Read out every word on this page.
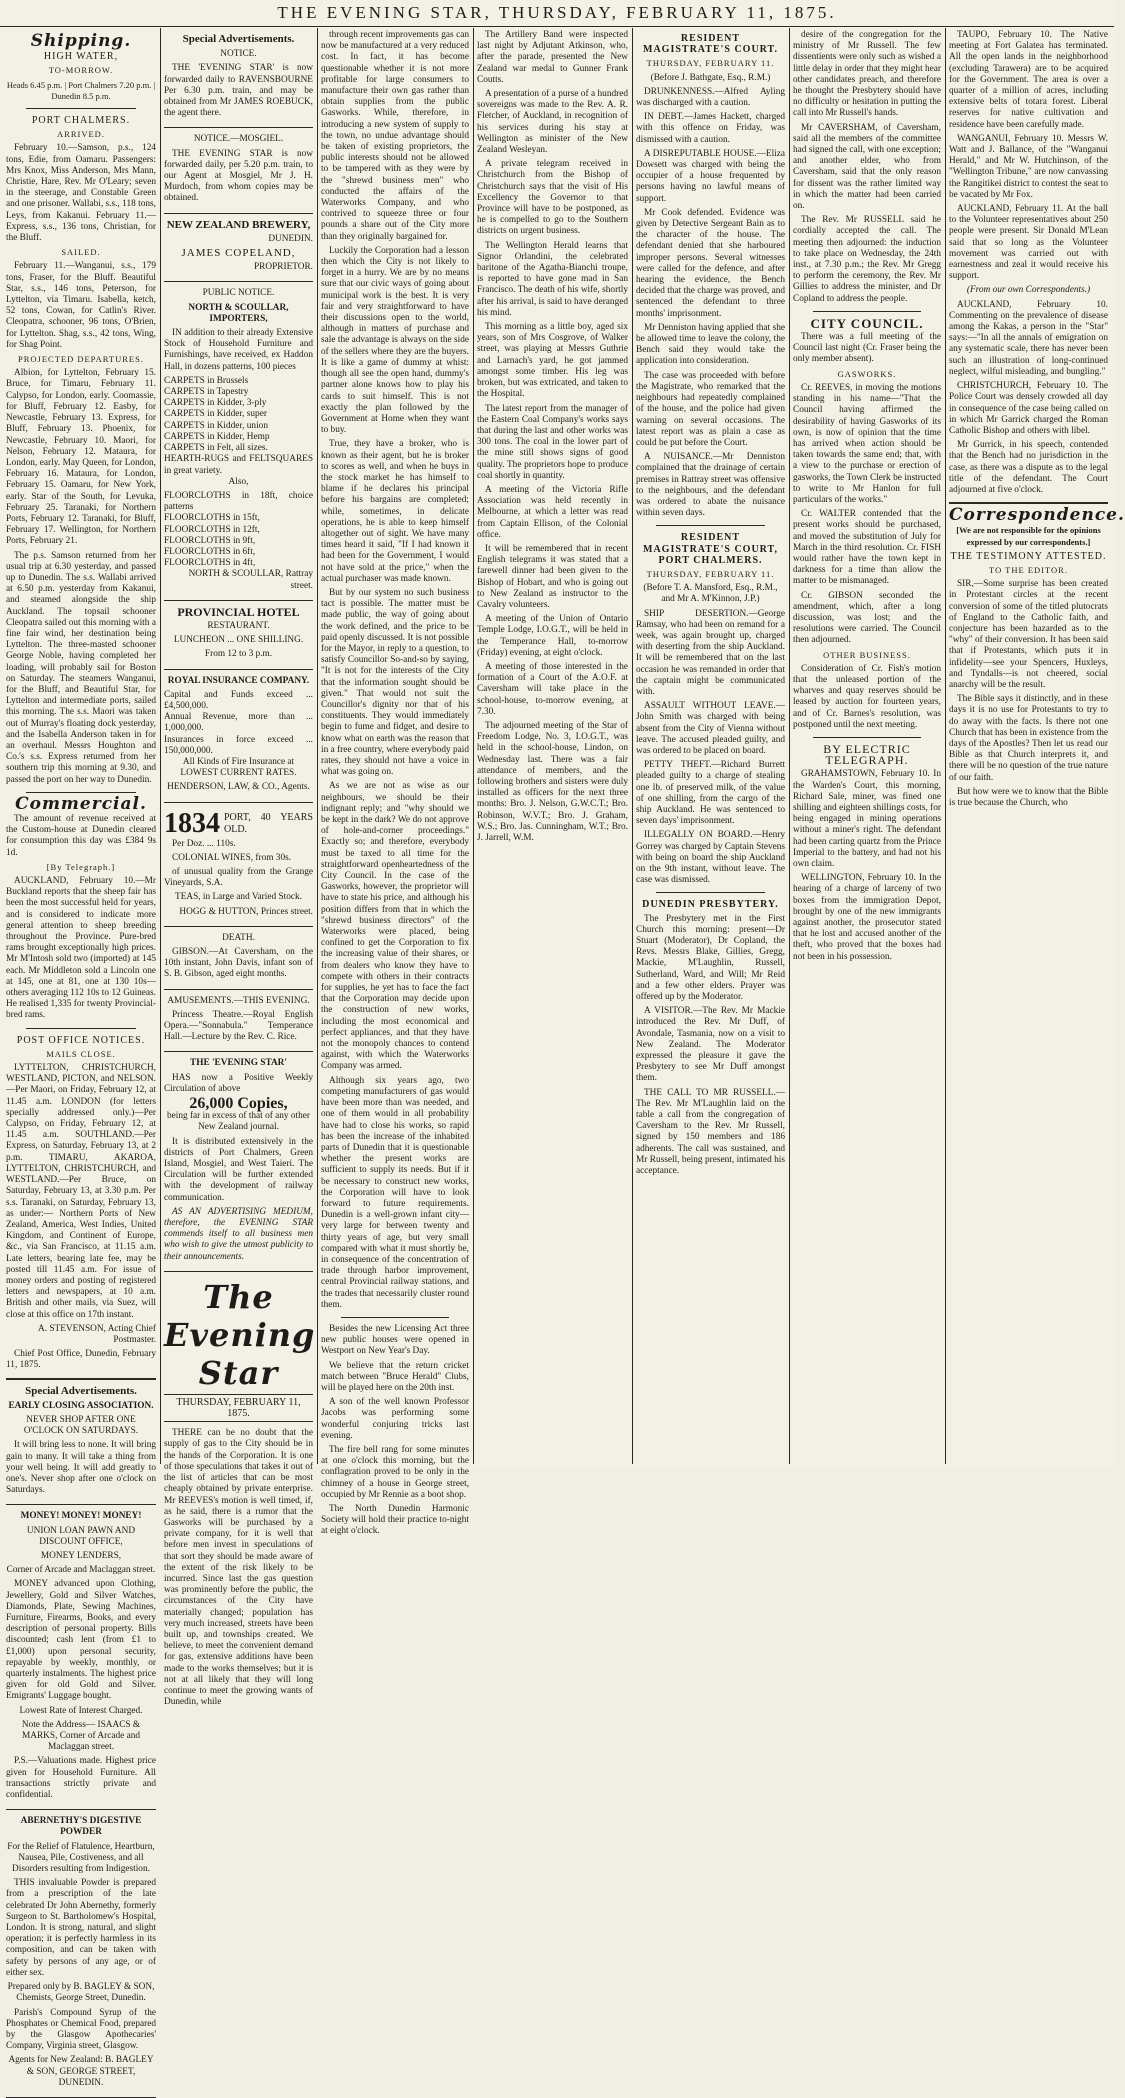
THE EVENING STAR, THURSDAY, FEBRUARY 11, 1875.
Shipping.
HIGH WATER,
TO-MORROW.

Heads 6.45 p.m. | Port Chalmers 7.20 p.m. | Dunedin 8.5 p.m.

PORT CHALMERS.
ARRIVED.

February 10.—Samson, p.s., 124 tons, Edie, from Oamaru. Passengers: Mrs Knox, Miss Anderson, Mrs Mann, Christie, Hare, Rev. Mr O'Leary; seven in the steerage, and Constable Green and one prisoner. Wallabi, s.s., 118 tons, Leys, from Kakanui. February 11.—Express, s.s., 136 tons, Christian, for the Bluff.

SAILED.

February 11.—Wanganui, s.s., 179 tons, Fraser, for the Bluff. Beautiful Star, s.s., 146 tons, Peterson, for Lyttelton, via Timaru. Isabella, ketch, 52 tons, Cowan, for Catlin's River. Cleopatra, schooner, 96 tons, O'Brien, for Lyttelton. Shag, s.s., 42 tons, Wing, for Shag Point.

PROJECTED DEPARTURES.

Albion, for Lyttelton, February 15. Bruce, for Timaru, February 11. Calypso, for London, early. Coomassie, for Bluff, February 12. Easby, for Newcastle, February 13. Express, for Bluff, February 13. Phoenix, for Newcastle, February 10. Maori, for Nelson, February 12. Mataura, for London, early. May Queen, for London, February 16. Mataura, for London, February 15. Oamaru, for New York, early. Star of the South, for Levuka, February 25. Taranaki, for Northern Ports, February 12. Taranaki, for Bluff, February 17. Wellington, for Northern Ports, February 21.

The p.s. Samson returned from her usual trip at 6.30 yesterday, and passed up to Dunedin. The s.s. Wallabi arrived at 6.50 p.m. yesterday from Kakanui, and steamed alongside the ship Auckland. The topsail schooner Cleopatra sailed out this morning with a fine fair wind, her destination being Lyttelton. The three-masted schooner George Noble, having completed her loading, will probably sail for Boston on Saturday. The steamers Wanganui, for the Bluff, and Beautiful Star, for Lyttelton and intermediate ports, sailed this morning. The s.s. Maori was taken out of Murray's floating dock yesterday, and the Isabella Anderson taken in for an overhaul. Messrs Houghton and Co.'s s.s. Express returned from her southern trip this morning at 9.30, and passed the port on her way to Dunedin.

Commercial.

The amount of revenue received at the Custom-house at Dunedin cleared for consumption this day was £384 9s 1d.

[By Telegraph.]

AUCKLAND, February 10.—Mr Buckland reports that the sheep fair has been the most successful held for years, and is considered to indicate more general attention to sheep breeding throughout the Province. Pure-bred rams brought exceptionally high prices. Mr M'Intosh sold two (imported) at 145 each. Mr Middleton sold a Lincoln one at 145, one at 81, one at 130 10s—others averaging 112 10s to 12 Guineas. He realised 1,335 for twenty Provincial-bred rams.

POST OFFICE NOTICES.
MAILS CLOSE.

LYTTELTON, CHRISTCHURCH, WESTLAND, PICTON, and NELSON.—Per Maori, on Friday, February 12, at 11.45 a.m. LONDON (for letters specially addressed only.)—Per Calypso, on Friday, February 12, at 11.45 a.m. SOUTHLAND.—Per Express, on Saturday, February 13, at 2 p.m. TIMARU, AKAROA, LYTTELTON, CHRISTCHURCH, and WESTLAND.—Per Bruce, on Saturday, February 13, at 3.30 p.m. Per s.s. Taranaki, on Saturday, February 13, as under:— Northern Ports of New Zealand, America, West Indies, United Kingdom, and Continent of Europe, &c., via San Francisco, at 11.15 a.m. Late letters, bearing late fee, may be posted till 11.45 a.m. For issue of money orders and posting of registered letters and newspapers, at 10 a.m. British and other mails, via Suez, will close at this office on 17th instant.

A. STEVENSON, Acting Chief Postmaster.

Chief Post Office, Dunedin, February 11, 1875.

Special Advertisements.

EARLY CLOSING ASSOCIATION.

NEVER SHOP AFTER ONE O'CLOCK ON SATURDAYS.

It will bring less to none. It will bring gain to many. It will take a thing from your well being. It will add greatly to one's. Never shop after one o'clock on Saturdays.

MONEY! MONEY! MONEY!

UNION LOAN PAWN AND DISCOUNT OFFICE,

MONEY LENDERS,

Corner of Arcade and Maclaggan street.

MONEY advanced upon Clothing, Jewellery, Gold and Silver Watches, Diamonds, Plate, Sewing Machines, Furniture, Firearms, Books, and every description of personal property. Bills discounted; cash lent (from £1 to £1,000) upon personal security, repayable by weekly, monthly, or quarterly instalments. The highest price given for old Gold and Silver. Emigrants' Luggage bought.

Lowest Rate of Interest Charged.

Note the Address— ISAACS & MARKS, Corner of Arcade and Maclaggan street.

P.S.—Valuations made. Highest price given for Household Furniture. All transactions strictly private and confidential.

ABERNETHY'S DIGESTIVE POWDER

For the Relief of Flatulence, Heartburn, Nausea, Pile, Costiveness, and all Disorders resulting from Indigestion.

THIS invaluable Powder is prepared from a prescription of the late celebrated Dr John Abernethy, formerly Surgeon to St. Bartholomew's Hospital, London. It is strong, natural, and slight operation; it is perfectly harmless in its composition, and can be taken with safety by persons of any age, or of either sex.

Prepared only by B. BAGLEY & SON, Chemists, George Street, Dunedin.

Parish's Compound Syrup of the Phosphates or Chemical Food, prepared by the Glasgow Apothecaries' Company, Virginia street, Glasgow.

Agents for New Zealand: B. BAGLEY & SON, GEORGE STREET, DUNEDIN.

Special Advertisements.

NOTICE.

THE 'EVENING STAR' is now forwarded daily to RAVENSBOURNE Per 6.30 p.m. train, and may be obtained from Mr JAMES ROEBUCK, the agent there.

NOTICE.—MOSGIEL.

THE EVENING STAR is now forwarded daily, per 5.20 p.m. train, to our Agent at Mosgiel, Mr J. H. Murdoch, from whom copies may be obtained.

NEW ZEALAND BREWERY,

DUNEDIN.

JAMES COPELAND,

PROPRIETOR.

PUBLIC NOTICE.

NORTH & SCOULLAR, IMPORTERS,

IN addition to their already Extensive Stock of Household Furniture and Furnishings, have received, ex Haddon Hall, in dozens patterns, 100 pieces

CARPETS in Brussels

CARPETS in Tapestry

CARPETS in Kidder, 3-ply

CARPETS in Kidder, super

CARPETS in Kidder, union

CARPETS in Kidder, Hemp

CARPETS in Felt, all sizes.

HEARTH-RUGS and FELTSQUARES in great variety.

Also,

FLOORCLOTHS in 18ft, choice patterns

FLOORCLOTHS in 15ft,

FLOORCLOTHS in 12ft,

FLOORCLOTHS in 9ft,

FLOORCLOTHS in 6ft,

FLOORCLOTHS in 4ft,

NORTH & SCOULLAR, Rattray street.

PROVINCIAL HOTEL

RESTAURANT.

LUNCHEON ... ONE SHILLING.

From 12 to 3 p.m.

ROYAL INSURANCE COMPANY.

Capital and Funds exceed ... £4,500,000.

Annual Revenue, more than ... 1,000,000.

Insurances in force exceed ... 150,000,000.

All Kinds of Fire Insurance at LOWEST CURRENT RATES.

HENDERSON, LAW, & CO., Agents.

1834 PORT, 40 YEARS OLD.

Per Doz. ... 110s.

COLONIAL WINES, from 30s.

of unusual quality from the Grange Vineyards, S.A.

TEAS, in Large and Varied Stock.

HOGG & HUTTON, Princes street.

DEATH.

GIBSON.—At Caversham, on the 10th instant, John Davis, infant son of S. B. Gibson, aged eight months.

AMUSEMENTS.—THIS EVENING.

Princess Theatre.—Royal English Opera.—"Sonnabula." Temperance Hall.—Lecture by the Rev. C. Rice.

THE 'EVENING STAR'

HAS now a Positive Weekly Circulation of above

26,000 Copies,

being far in excess of that of any other New Zealand journal.

It is distributed extensively in the districts of Port Chalmers, Green Island, Mosgiel, and West Taieri. The Circulation will be further extended with the development of railway communication.

AS AN ADVERTISING MEDIUM, therefore, the EVENING STAR commends itself to all business men who wish to give the utmost publicity to their announcements.

The Evening Star
THURSDAY, FEBRUARY 11, 1875.

THERE can be no doubt that the supply of gas to the City should be in the hands of the Corporation. It is one of those speculations that takes it out of the list of articles that can be most cheaply obtained by private enterprise. Mr REEVES's motion is well timed, if, as he said, there is a rumor that the Gasworks will be purchased by a private company, for it is well that before men invest in speculations of that sort they should be made aware of the extent of the risk likely to be incurred. Since last the gas question was prominently before the public, the circumstances of the City have materially changed; population has very much increased, streets have been built up, and townships created. We believe, to meet the convenient demand for gas, extensive additions have been made to the works themselves; but it is not at all likely that they will long continue to meet the growing wants of Dunedin, while

through recent improvements gas can now be manufactured at a very reduced cost. In fact, it has become questionable whether it is not more profitable for large consumers to manufacture their own gas rather than obtain supplies from the public Gasworks. While, therefore, in introducing a new system of supply to the town, no undue advantage should be taken of existing proprietors, the public interests should not be allowed to be tampered with as they were by the "shrewd business men" who conducted the affairs of the Waterworks Company, and who contrived to squeeze three or four pounds a share out of the City more than they originally bargained for.

Luckily the Corporation had a lesson then which the City is not likely to forget in a hurry. We are by no means sure that our civic ways of going about municipal work is the best. It is very fair and very straightforward to have their discussions open to the world, although in matters of purchase and sale the advantage is always on the side of the sellers where they are the buyers. It is like a game of dummy at whist: though all see the open hand, dummy's partner alone knows how to play his cards to suit himself. This is not exactly the plan followed by the Government at Home when they want to buy.

True, they have a broker, who is known as their agent, but he is broker to scores as well, and when he buys in the stock market he has himself to blame if he declares his principal before his bargains are completed; while, sometimes, in delicate operations, he is able to keep himself altogether out of sight. We have many times heard it said, "If I had known it had been for the Government, I would not have sold at the price," when the actual purchaser was made known.

But by our system no such business tact is possible. The matter must be made public, the way of going about the work defined, and the price to be paid openly discussed. It is not possible for the Mayor, in reply to a question, to satisfy Councillor So-and-so by saying, "It is not for the interests of the City that the information sought should be given." That would not suit the Councillor's dignity nor that of his constituents. They would immediately begin to fume and fidget, and desire to know what on earth was the reason that in a free country, where everybody paid rates, they should not have a voice in what was going on.

As we are not as wise as our neighbours, we should be their indignant reply; and "why should we be kept in the dark? We do not approve of hole-and-corner proceedings." Exactly so; and therefore, everybody must be taxed to all time for the straightforward openheartedness of the City Council. In the case of the Gasworks, however, the proprietor will have to state his price, and although his position differs from that in which the "shrewd business directors" of the Waterworks were placed, being confined to get the Corporation to fix the increasing value of their shares, or from dealers who know they have to compete with others in their contracts for supplies, he yet has to face the fact that the Corporation may decide upon the construction of new works, including the most economical and perfect appliances, and that they have not the monopoly chances to contend against, with which the Waterworks Company was armed.

Although six years ago, two competing manufacturers of gas would have been more than was needed, and one of them would in all probability have had to close his works, so rapid has been the increase of the inhabited parts of Dunedin that it is questionable whether the present works are sufficient to supply its needs. But if it be necessary to construct new works, the Corporation will have to look forward to future requirements. Dunedin is a well-grown infant city—very large for between twenty and thirty years of age, but very small compared with what it must shortly be, in consequence of the concentration of trade through harbor improvement, central Provincial railway stations, and the trades that necessarily cluster round them.

Besides the new Licensing Act three new public houses were opened in Westport on New Year's Day.

We believe that the return cricket match between "Bruce Herald" Clubs, will be played here on the 20th inst.

A son of the well known Professor Jacobs was performing some wonderful conjuring tricks last evening.

The fire bell rang for some minutes at one o'clock this morning, but the conflagration proved to be only in the chimney of a house in George street, occupied by Mr Rennie as a boot shop.

The North Dunedin Harmonic Society will hold their practice to-night at eight o'clock.

The Artillery Band were inspected last night by Adjutant Atkinson, who, after the parade, presented the New Zealand war medal to Gunner Frank Coutts.

A presentation of a purse of a hundred sovereigns was made to the Rev. A. R. Fletcher, of Auckland, in recognition of his services during his stay at Wellington as minister of the New Zealand Wesleyan.

A private telegram received in Christchurch from the Bishop of Christchurch says that the visit of His Excellency the Governor to that Province will have to be postponed, as he is compelled to go to the Southern districts on urgent business.

The Wellington Herald learns that Signor Orlandini, the celebrated baritone of the Agatha-Bianchi troupe, is reported to have gone mad in San Francisco. The death of his wife, shortly after his arrival, is said to have deranged his mind.

This morning as a little boy, aged six years, son of Mrs Cosgrove, of Walker street, was playing at Messrs Guthrie and Larnach's yard, he got jammed amongst some timber. His leg was broken, but was extricated, and taken to the Hospital.

The latest report from the manager of the Eastern Coal Company's works says that during the last and other works was 300 tons. The coal in the lower part of the mine still shows signs of good quality. The proprietors hope to produce coal shortly in quantity.

A meeting of the Victoria Rifle Association was held recently in Melbourne, at which a letter was read from Captain Ellison, of the Colonial office.

It will be remembered that in recent English telegrams it was stated that a farewell dinner had been given to the Bishop of Hobart, and who is going out to New Zealand as instructor to the Cavalry volunteers.

A meeting of the Union of Ontario Temple Lodge, I.O.G.T., will be held in the Temperance Hall, to-morrow (Friday) evening, at eight o'clock.

A meeting of those interested in the formation of a Court of the A.O.F. at Caversham will take place in the school-house, to-morrow evening, at 7.30.

The adjourned meeting of the Star of Freedom Lodge, No. 3, I.O.G.T., was held in the school-house, Lindon, on Wednesday last. There was a fair attendance of members, and the following brothers and sisters were duly installed as officers for the next three months: Bro. J. Nelson, G.W.C.T.; Bro. Robinson, W.V.T.; Bro. J. Graham, W.S.; Bro. Jas. Cunningham, W.T.; Bro. J. Jarrell, W.M.

RESIDENT MAGISTRATE'S COURT.
THURSDAY, FEBRUARY 11.

(Before J. Bathgate, Esq., R.M.)

DRUNKENNESS.—Alfred Ayling was discharged with a caution.

IN DEBT.—James Hackett, charged with this offence on Friday, was dismissed with a caution.

A DISREPUTABLE HOUSE.—Eliza Dowsett was charged with being the occupier of a house frequented by persons having no lawful means of support.

Mr Cook defended. Evidence was given by Detective Sergeant Bain as to the character of the house. The defendant denied that she harboured improper persons. Several witnesses were called for the defence, and after hearing the evidence, the Bench decided that the charge was proved, and sentenced the defendant to three months' imprisonment.

Mr Denniston having applied that she be allowed time to leave the colony, the Bench said they would take the application into consideration.

The case was proceeded with before the Magistrate, who remarked that the neighbours had repeatedly complained of the house, and the police had given warning on several occasions. The latest report was as plain a case as could be put before the Court.

A NUISANCE.—Mr Denniston complained that the drainage of certain premises in Rattray street was offensive to the neighbours, and the defendant was ordered to abate the nuisance within seven days.

RESIDENT MAGISTRATE'S COURT, PORT CHALMERS.
THURSDAY, FEBRUARY 11.

(Before T. A. Mansford, Esq., R.M., and Mr A. M'Kinnon, J.P.)

SHIP DESERTION.—George Ramsay, who had been on remand for a week, was again brought up, charged with deserting from the ship Auckland. It will be remembered that on the last occasion he was remanded in order that the captain might be communicated with.

ASSAULT WITHOUT LEAVE.—John Smith was charged with being absent from the City of Vienna without leave. The accused pleaded guilty, and was ordered to be placed on board.

PETTY THEFT.—Richard Burrett pleaded guilty to a charge of stealing one lb. of preserved milk, of the value of one shilling, from the cargo of the ship Auckland. He was sentenced to seven days' imprisonment.

ILLEGALLY ON BOARD.—Henry Gorrey was charged by Captain Stevens with being on board the ship Auckland on the 9th instant, without leave. The case was dismissed.

DUNEDIN PRESBYTERY.

The Presbytery met in the First Church this morning: present—Dr Stuart (Moderator), Dr Copland, the Revs. Messrs Blake, Gillies, Gregg, Mackie, M'Laughlin, Russell, Sutherland, Ward, and Will; Mr Reid and a few other elders. Prayer was offered up by the Moderator.

A VISITOR.—The Rev. Mr Mackie introduced the Rev. Mr Duff, of Avondale, Tasmania, now on a visit to New Zealand. The Moderator expressed the pleasure it gave the Presbytery to see Mr Duff amongst them.

THE CALL TO MR RUSSELL.—The Rev. Mr M'Laughlin laid on the table a call from the congregation of Caversham to the Rev. Mr Russell, signed by 150 members and 186 adherents. The call was sustained, and Mr Russell, being present, intimated his acceptance.

desire of the congregation for the ministry of Mr Russell. The few dissentients were only such as wished a little delay in order that they might hear other candidates preach, and therefore he thought the Presbytery should have no difficulty or hesitation in putting the call into Mr Russell's hands.

Mr CAVERSHAM, of Caversham, said all the members of the committee had signed the call, with one exception; and another elder, who from Caversham, said that the only reason for dissent was the rather limited way in which the matter had been carried on.

The Rev. Mr RUSSELL said he cordially accepted the call. The meeting then adjourned: the induction to take place on Wednesday, the 24th inst., at 7.30 p.m.; the Rev. Mr Gregg to perform the ceremony, the Rev. Mr Gillies to address the minister, and Dr Copland to address the people.

CITY COUNCIL.

There was a full meeting of the Council last night (Cr. Fraser being the only member absent).

GASWORKS.

Cr. REEVES, in moving the motions standing in his name—"That the Council having affirmed the desirability of having Gasworks of its own, is now of opinion that the time has arrived when action should be taken towards the same end; that, with a view to the purchase or erection of gasworks, the Town Clerk be instructed to write to Mr Hanlon for full particulars of the works."

Cr. WALTER contended that the present works should be purchased, and moved the substitution of July for March in the third resolution. Cr. FISH would rather have the town kept in darkness for a time than allow the matter to be mismanaged.

Cr. GIBSON seconded the amendment, which, after a long discussion, was lost; and the resolutions were carried. The Council then adjourned.

OTHER BUSINESS.

Consideration of Cr. Fish's motion that the unleased portion of the wharves and quay reserves should be leased by auction for fourteen years, and of Cr. Barnes's resolution, was postponed until the next meeting.

BY ELECTRIC TELEGRAPH.

GRAHAMSTOWN, February 10. In the Warden's Court, this morning, Richard Sale, miner, was fined one shilling and eighteen shillings costs, for being engaged in mining operations without a miner's right. The defendant had been carting quartz from the Prince Imperial to the battery, and had not his own claim.

WELLINGTON, February 10. In the hearing of a charge of larceny of two boxes from the immigration Depot, brought by one of the new immigrants against another, the prosecutor stated that he lost and accused another of the theft, who proved that the boxes had not been in his possession.

TAUPO, February 10. The Native meeting at Fort Galatea has terminated. All the open lands in the neighborhood (excluding Tarawera) are to be acquired for the Government. The area is over a quarter of a million of acres, including extensive belts of totara forest. Liberal reserves for native cultivation and residence have been carefully made.

WANGANUI, February 10. Messrs W. Watt and J. Ballance, of the "Wanganui Herald," and Mr W. Hutchinson, of the "Wellington Tribune," are now canvassing the Rangitikei district to contest the seat to be vacated by Mr Fox.

AUCKLAND, February 11. At the ball to the Volunteer representatives about 250 people were present. Sir Donald M'Lean said that so long as the Volunteer movement was carried out with earnestness and zeal it would receive his support.

(From our own Correspondents.)

AUCKLAND, February 10. Commenting on the prevalence of disease among the Kakas, a person in the "Star" says:—"In all the annals of emigration on any systematic scale, there has never been such an illustration of long-continued neglect, wilful misleading, and bungling."

CHRISTCHURCH, February 10. The Police Court was densely crowded all day in consequence of the case being called on in which Mr Garrick charged the Roman Catholic Bishop and others with libel.

Mr Gurrick, in his speech, contended that the Bench had no jurisdiction in the case, as there was a dispute as to the legal title of the defendant. The Court adjourned at five o'clock.

Correspondence.

[We are not responsible for the opinions expressed by our correspondents.]

THE TESTIMONY ATTESTED.
TO THE EDITOR.

SIR,—Some surprise has been created in Protestant circles at the recent conversion of some of the titled plutocrats of England to the Catholic faith, and conjecture has been hazarded as to the "why" of their conversion. It has been said that if Protestants, which puts it in infidelity—see your Spencers, Huxleys, and Tyndalls—is not cheered, social anarchy will be the result.

The Bible says it distinctly, and in these days it is no use for Protestants to try to do away with the facts. Is there not one Church that has been in existence from the days of the Apostles? Then let us read our Bible as that Church interprets it, and there will be no question of the true nature of our faith.

But how were we to know that the Bible is true because the Church, who
